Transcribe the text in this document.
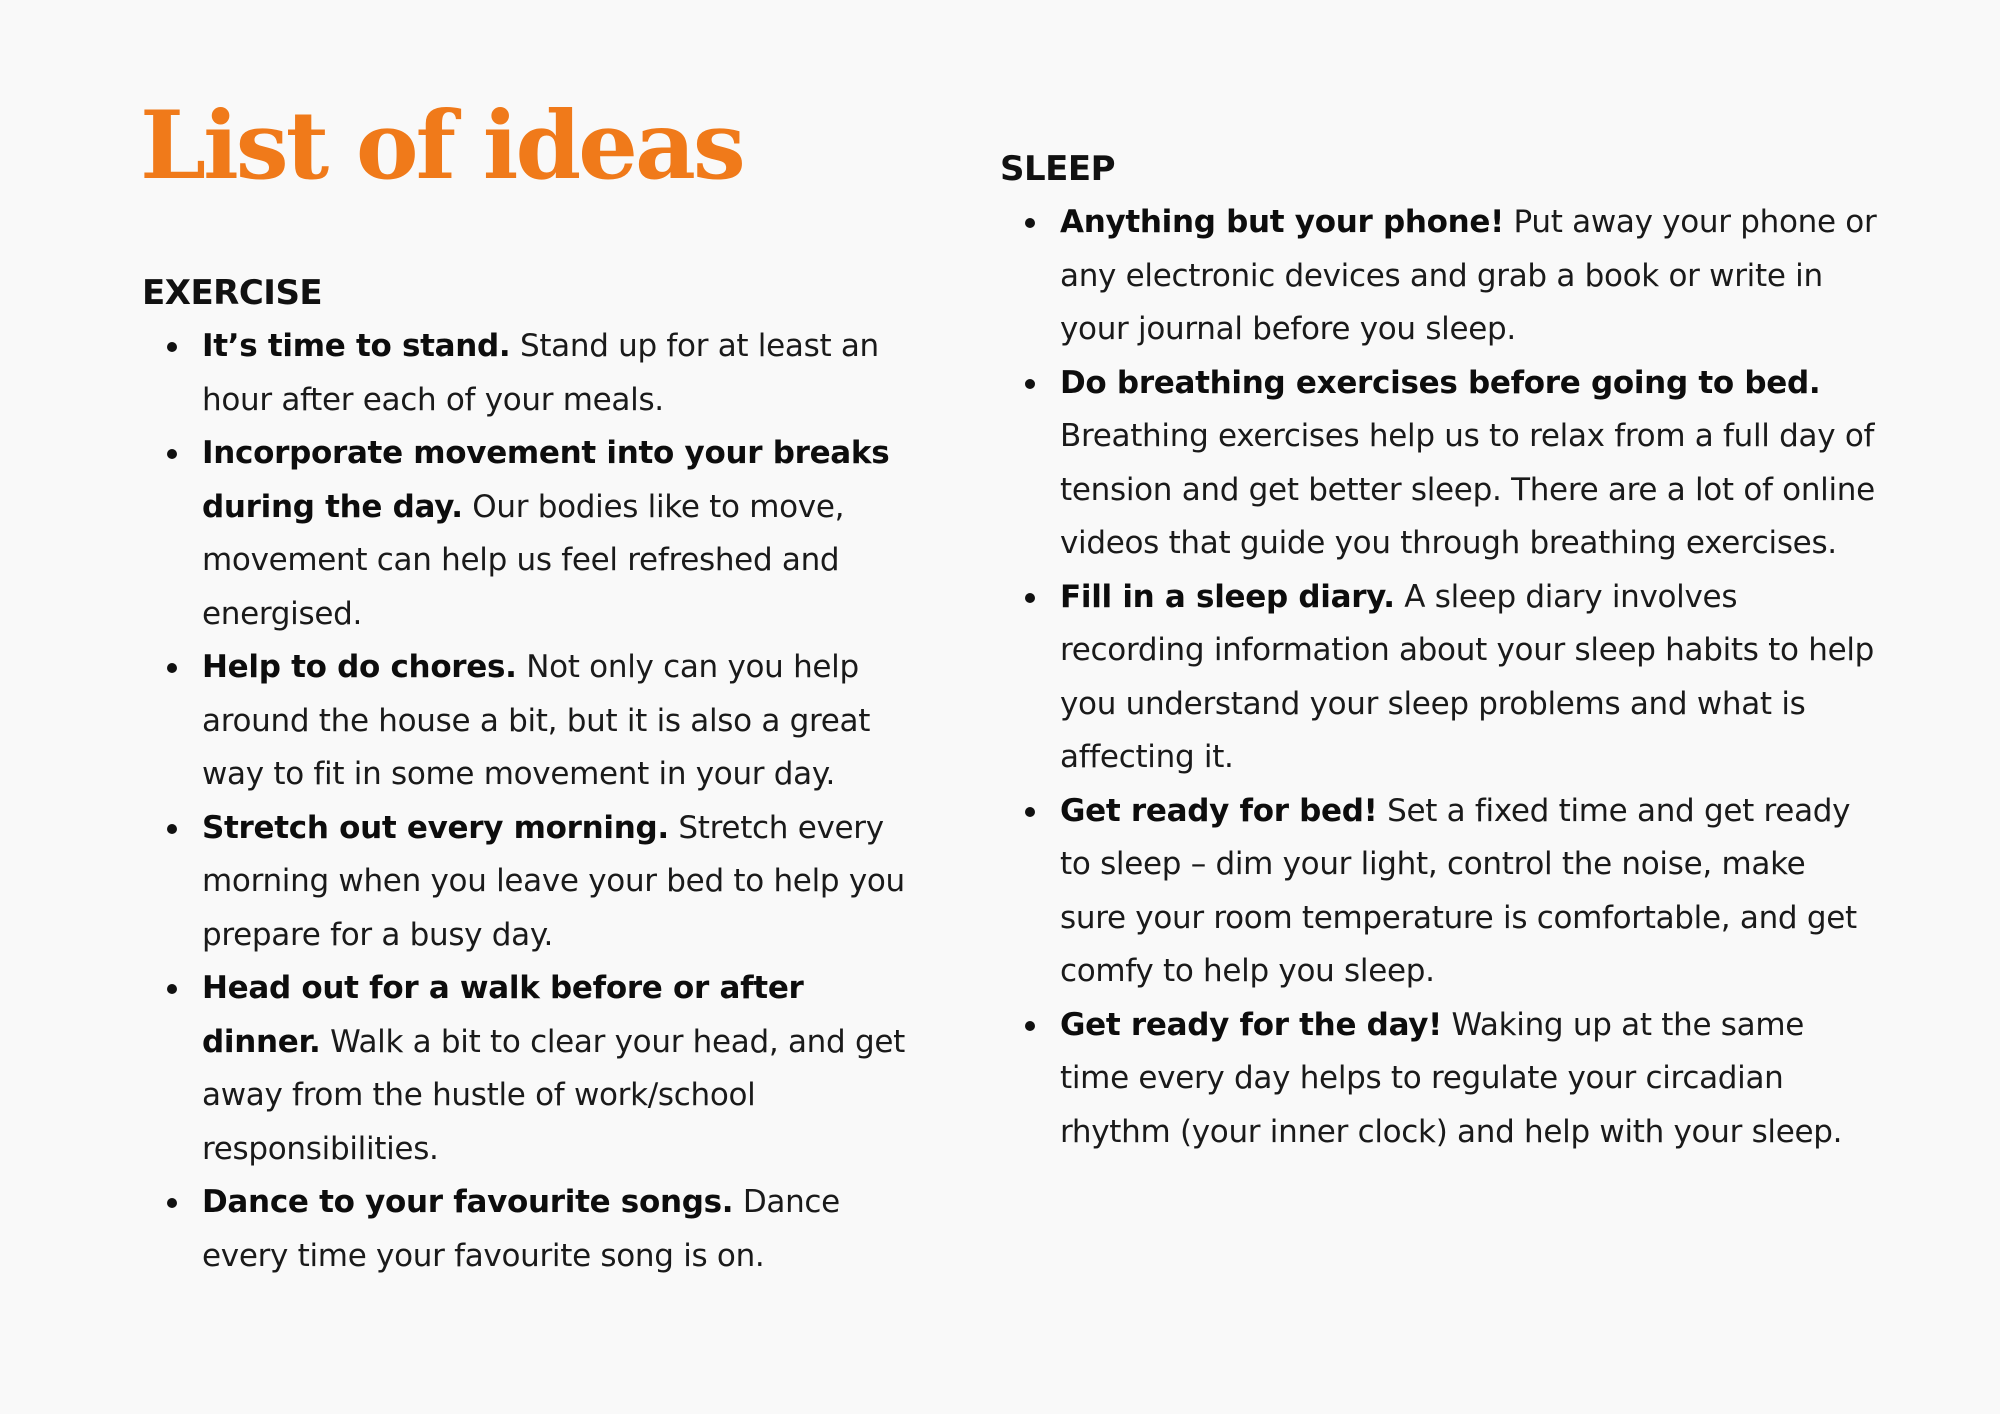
List of ideas
EXERCISE
It’s time to stand. Stand up for at least an hour after each of your meals.
Incorporate movement into your breaks during the day. Our bodies like to move, movement can help us feel refreshed and energised.
Help to do chores. Not only can you help around the house a bit, but it is also a great way to fit in some movement in your day.
Stretch out every morning. Stretch every morning when you leave your bed to help you prepare for a busy day.
Head out for a walk before or after dinner. Walk a bit to clear your head, and get away from the hustle of work/school responsibilities.
Dance to your favourite songs. Dance every time your favourite song is on.
SLEEP
Anything but your phone! Put away your phone or any electronic devices and grab a book or write in your journal before you sleep.
Do breathing exercises before going to bed. Breathing exercises help us to relax from a full day of tension and get better sleep. There are a lot of online videos that guide you through breathing exercises.
Fill in a sleep diary. A sleep diary involves recording information about your sleep habits to help you understand your sleep problems and what is affecting it.
Get ready for bed! Set a fixed time and get ready to sleep – dim your light, control the noise, make sure your room temperature is comfortable, and get comfy to help you sleep.
Get ready for the day! Waking up at the same time every day helps to regulate your circadian rhythm (your inner clock) and help with your sleep.
